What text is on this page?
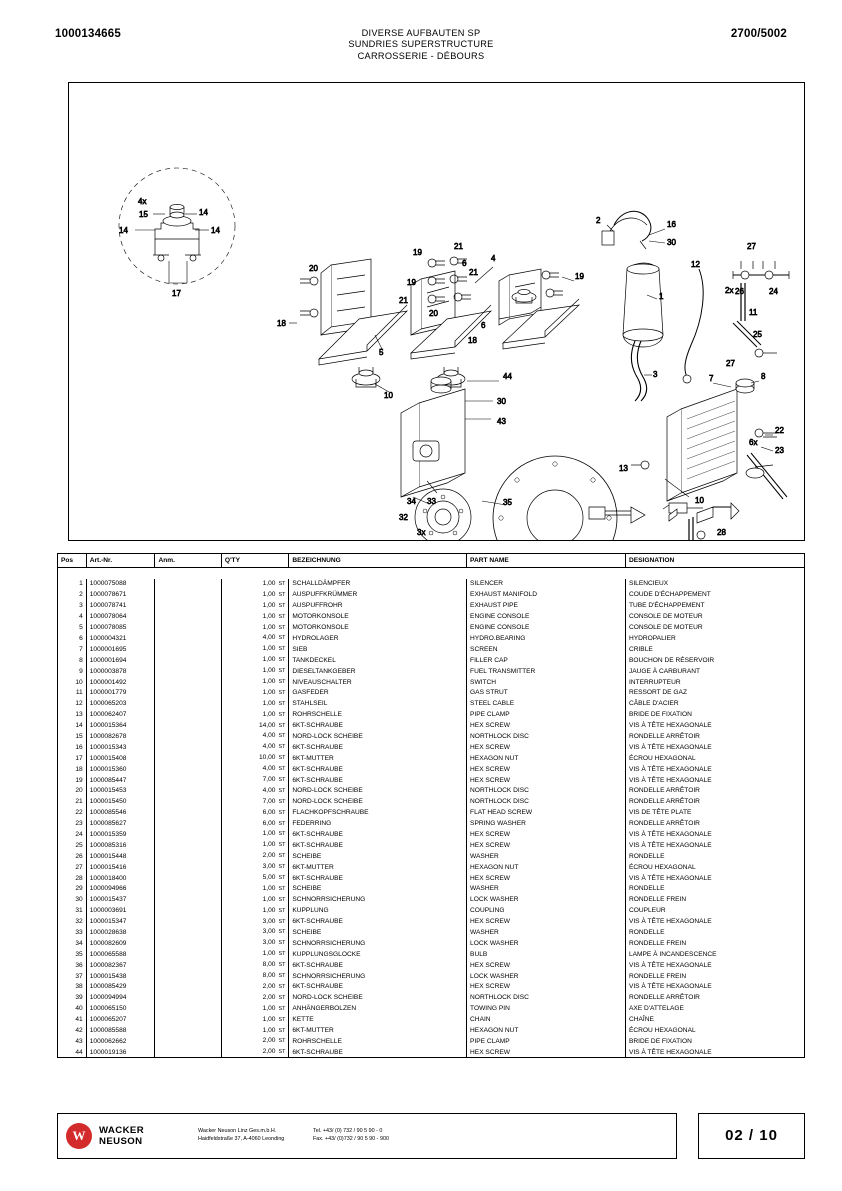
1000134665	DIVERSE AUFBAUTEN SP
SUNDRIES SUPERSTRUCTURE
CARROSSERIE - DÉBOURS
2700/5002
4x
15	14
14	14
17
20
18
5
19
21
19
21
21
20
4
6
19
6
18
10
44
30
43
2	16
30
1
3
12
27
26	24
2x
11
25
27
8
7
13
10
22
23
6x
35
34 33
32
3x	28
Pos	Art.-Nr.	Anm.	Q'TY	BEZEICHNUNG	PART NAME	DESIGNATION

1	1000075088		1,00 ST	SCHALLDÄMPFER	SILENCER	SILENCIEUX
2	1000078671		1,00 ST	AUSPUFFKRÜMMER	EXHAUST MANIFOLD	COUDE D'ÉCHAPPEMENT
3	1000078741		1,00 ST	AUSPUFFROHR	EXHAUST PIPE	TUBE D'ÉCHAPPEMENT
4	1000078064		1,00 ST	MOTORKONSOLE	ENGINE CONSOLE	CONSOLE DE MOTEUR
5	1000078085		1,00 ST	MOTORKONSOLE	ENGINE CONSOLE	CONSOLE DE MOTEUR
6	1000004321		4,00 ST	HYDROLAGER	HYDRO.BEARING	HYDROPALIER
7	1000001695		1,00 ST	SIEB	SCREEN	CRIBLE
8	1000001694		1,00 ST	TANKDECKEL	FILLER CAP	BOUCHON DE RÉSERVOIR
9	1000003878		1,00 ST	DIESELTANKGEBER	FUEL TRANSMITTER	JAUGE À CARBURANT
10	1000001492		1,00 ST	NIVEAUSCHALTER	SWITCH	INTERRUPTEUR
11	1000001779		1,00 ST	GASFEDER	GAS STRUT	RESSORT DE GAZ
12	1000065203		1,00 ST	STAHLSEIL	STEEL CABLE	CÂBLE D'ACIER
13	1000062407		1,00 ST	ROHRSCHELLE	PIPE CLAMP	BRIDE DE FIXATION
14	1000015364		14,00 ST	6KT-SCHRAUBE	HEX SCREW	VIS À TÊTE HEXAGONALE
15	1000082678		4,00 ST	NORD-LOCK SCHEIBE	NORTHLOCK DISC	RONDELLE ARRÊTOIR
16	1000015343		4,00 ST	6KT-SCHRAUBE	HEX SCREW	VIS À TÊTE HEXAGONALE
17	1000015408		10,00 ST	6KT-MUTTER	HEXAGON NUT	ÉCROU HEXAGONAL
18	1000015360		4,00 ST	6KT-SCHRAUBE	HEX SCREW	VIS À TÊTE HEXAGONALE
19	1000085447		7,00 ST	6KT-SCHRAUBE	HEX SCREW	VIS À TÊTE HEXAGONALE
20	1000015453		4,00 ST	NORD-LOCK SCHEIBE	NORTHLOCK DISC	RONDELLE ARRÊTOIR
21	1000015450		7,00 ST	NORD-LOCK SCHEIBE	NORTHLOCK DISC	RONDELLE ARRÊTOIR
22	1000085546		6,00 ST	FLACHKOPFSCHRAUBE	FLAT HEAD SCREW	VIS DE TÊTE PLATE
23	1000085627		6,00 ST	FEDERRING	SPRING WASHER	RONDELLE ARRÊTOIR
24	1000015359		1,00 ST	6KT-SCHRAUBE	HEX SCREW	VIS À TÊTE HEXAGONALE
25	1000085316		1,00 ST	6KT-SCHRAUBE	HEX SCREW	VIS À TÊTE HEXAGONALE
26	1000015448		2,00 ST	SCHEIBE	WASHER	RONDELLE
27	1000015416		3,00 ST	6KT-MUTTER	HEXAGON NUT	ÉCROU HEXAGONAL
28	1000018400		5,00 ST	6KT-SCHRAUBE	HEX SCREW	VIS À TÊTE HEXAGONALE
29	1000094966		1,00 ST	SCHEIBE	WASHER	RONDELLE
30	1000015437		1,00 ST	SCHNORRSICHERUNG	LOCK WASHER	RONDELLE FREIN
31	1000003691		1,00 ST	KUPPLUNG	COUPLING	COUPLEUR
32	1000015347		3,00 ST	6KT-SCHRAUBE	HEX SCREW	VIS À TÊTE HEXAGONALE
33	1000028638		3,00 ST	SCHEIBE	WASHER	RONDELLE
34	1000082609		3,00 ST	SCHNORRSICHERUNG	LOCK WASHER	RONDELLE FREIN
35	1000065588		1,00 ST	KUPPLUNGSGLOCKE	BULB	LAMPE À INCANDESCENCE
36	1000082367		8,00 ST	6KT-SCHRAUBE	HEX SCREW	VIS À TÊTE HEXAGONALE
37	1000015438		8,00 ST	SCHNORRSICHERUNG	LOCK WASHER	RONDELLE FREIN
38	1000085429		2,00 ST	6KT-SCHRAUBE	HEX SCREW	VIS À TÊTE HEXAGONALE
39	1000094994		2,00 ST	NORD-LOCK SCHEIBE	NORTHLOCK DISC	RONDELLE ARRÊTOIR
40	1000065150		1,00 ST	ANHÄNGERBOLZEN	TOWING PIN	AXE D'ATTELAGE
41	1000065207		1,00 ST	KETTE	CHAIN	CHAÎNE
42	1000085588		1,00 ST	6KT-MUTTER	HEXAGON NUT	ÉCROU HEXAGONAL
43	1000062662		2,00 ST	ROHRSCHELLE	PIPE CLAMP	BRIDE DE FIXATION
44	1000019136		2,00 ST	6KT-SCHRAUBE	HEX SCREW	VIS À TÊTE HEXAGONALE
W	WACKER
NEUSON
Wacker Neuson Linz Ges.m.b.H.
Haidfeldstraße 37, A-4060 Leonding
Tel. +43/ (0) 732 / 90 5 90 - 0
Fax. +43/ (0)732 / 90 5 90 - 900	02 / 10
